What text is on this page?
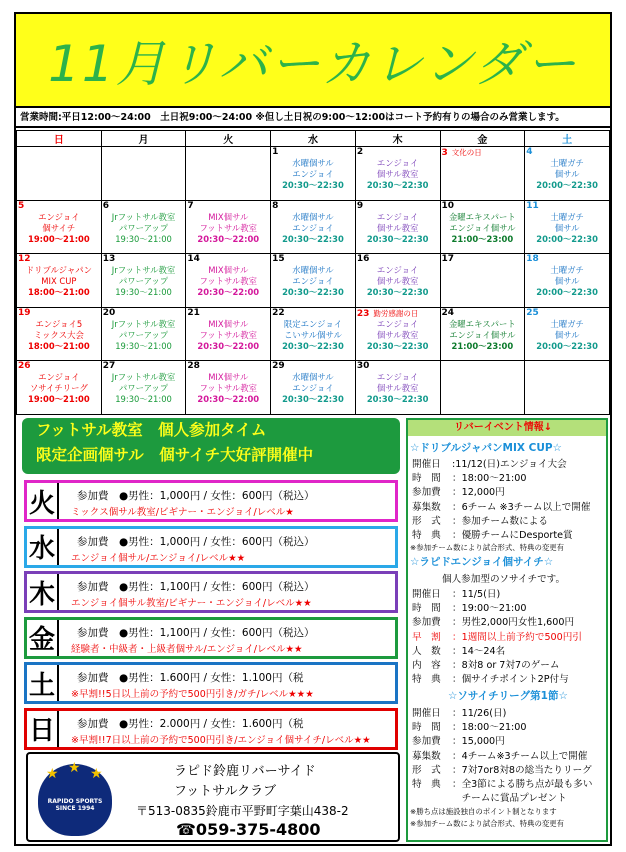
11月リバーカレンダー
営業時間:平日12:00～24:00　土日祝9:00～24:00 ※但し土日祝の9:00～12:00はコート予約有りの場合のみ営業します。
日	月	火	水	木	金	土

			1
水曜個サル
エンジョイ
20:30～22:30	2
エンジョイ
個サル教室
20:30～22:30	3 文化の日	4
土曜ガチ
個サル
20:00～22:30

5
エンジョイ
個サイチ
19:00～21:00	6
Jrフットサル教室
パワーアップ
19:30～21:00	7
MIX個サル
フットサル教室
20:30～22:00	8
水曜個サル
エンジョイ
20:30～22:30	9
エンジョイ
個サル教室
20:30～22:30	10
金曜エキスパート
エンジョイ個サル
21:00～23:00	11
土曜ガチ
個サル
20:00～22:30

12
ドリブルジャパン
MIX CUP
18:00～21:00	13
Jrフットサル教室
パワーアップ
19:30～21:00	14
MIX個サル
フットサル教室
20:30～22:00	15
水曜個サル
エンジョイ
20:30～22:30	16
エンジョイ
個サル教室
20:30～22:30	17	18
土曜ガチ
個サル
20:00～22:30

19
エンジョイ5
ミックス大会
18:00～21:00	20
Jrフットサル教室
パワーアップ
19:30～21:00	21
MIX個サル
フットサル教室
20:30～22:00	22
限定エンジョイ
こいサル個サル
20:30～22:30	23 勤労感謝の日
エンジョイ
個サル教室
20:30～22:30	24
金曜エキスパート
エンジョイ個サル
21:00～23:00	25
土曜ガチ
個サル
20:00～22:30

26
エンジョイ
ソサイチリーグ
19:00～21:00	27
Jrフットサル教室
パワーアップ
19:30～21:00	28
MIX個サル
フットサル教室
20:30～22:00	29
水曜個サル
エンジョイ
20:30～22:30	30
エンジョイ
個サル教室
20:30～22:30		

フットサル教室　個人参加タイム
限定企画個サル　個サイチ大好評開催中
火	参加費　●男性：1,000円 / 女性：600円（税込）
ミックス個サル教室/ビギナー・エンジョイ/レベル★
水	参加費　●男性：1,000円 / 女性：600円（税込）
エンジョイ個サル/エンジョイ/レベル★★
木	参加費　●男性：1,100円 / 女性：600円（税込）
エンジョイ個サル教室/ビギナー・エンジョイ/レベル★★
金	参加費　●男性：1,100円 / 女性：600円（税込）
経験者・中級者・上級者個サル/エンジョイ/レベル★★
土	参加費　●男性：1.600円 / 女性：1.100円（税
※早割!!5日以上前の予約で500円引き/ガチ/レベル★★★
日	参加費　●男性：2.000円 / 女性：1.600円（税
※早割!!7日以上前の予約で500円引き/エンジョイ個サイチ/レベル★★
★ ★ ★
RAPIDO SPORTS SINCE 1994
ラピド鈴鹿リバーサイド
フットサルクラブ
〒513-0835鈴鹿市平野町字葉山438-2
☎059-375-4800
リバーイベント情報↓
☆ドリブルジャパンMIX CUP☆
開催日 :11/12(日)エンジョイ大会
時　間 ：18:00～21:00
参加費 ：12,000円
募集数 ：6チーム ※3チーム以上で開催
形　式 ：参加チーム数による
特　典 ：優勝チームにDesporte賞
※参加チーム数により試合形式、特典の変更有
☆ラピドエンジョイ個サイチ☆
個人参加型のソサイチです。
開催日 ：11/5(日)
時　間 ：19:00～21:00
参加費 ：男性2,000円女性1,600円
早　割 ：1週間以上前予約で500円引
人　数 ：14～24名
内　容 ：8対8 or 7対7のゲーム
特　典 ：個サイチポイント2P付与
☆ソサイチリーグ第1節☆
開催日 ：11/26(日)
時　間 ：18:00～21:00
参加費 ：15,000円
募集数 ：4チーム※3チーム以上で開催
形　式 ：7対7or8対8の総当たりリーグ
特　典 ：全3節による勝ち点が最も多い
　チームに賞品プレゼント
※勝ち点は施設独自のポイント制となります
※参加チーム数により試合形式、特典の変更有
